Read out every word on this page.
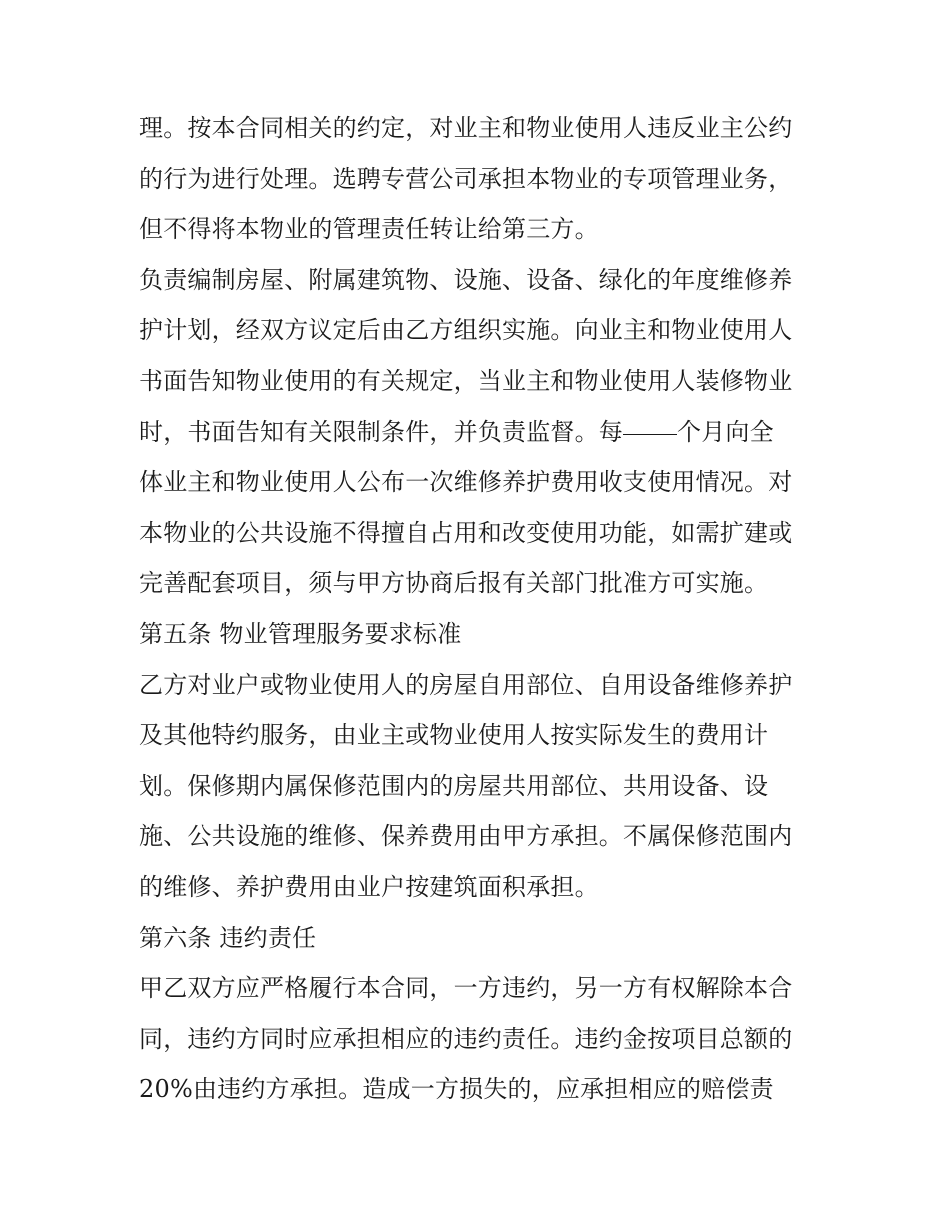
理。按本合同相关的约定，对业主和物业使用人违反业主公约
的行为进行处理。选聘专营公司承担本物业的专项管理业务，
但不得将本物业的管理责任转让给第三方。
负责编制房屋、附属建筑物、设施、设备、绿化的年度维修养
护计划，经双方议定后由乙方组织实施。向业主和物业使用人
书面告知物业使用的有关规定，当业主和物业使用人装修物业
时，书面告知有关限制条件，并负责监督。每 个月向全
体业主和物业使用人公布一次维修养护费用收支使用情况。对
本物业的公共设施不得擅自占用和改变使用功能，如需扩建或
完善配套项目，须与甲方协商后报有关部门批准方可实施。
第五条 物业管理服务要求标准
乙方对业户或物业使用人的房屋自用部位、自用设备维修养护
及其他特约服务，由业主或物业使用人按实际发生的费用计
划。保修期内属保修范围内的房屋共用部位、共用设备、设
施、公共设施的维修、保养费用由甲方承担。不属保修范围内
的维修、养护费用由业户按建筑面积承担。
第六条 违约责任
甲乙双方应严格履行本合同，一方违约，另一方有权解除本合
同，违约方同时应承担相应的违约责任。违约金按项目总额的
20%由违约方承担。造成一方损失的，应承担相应的赔偿责
